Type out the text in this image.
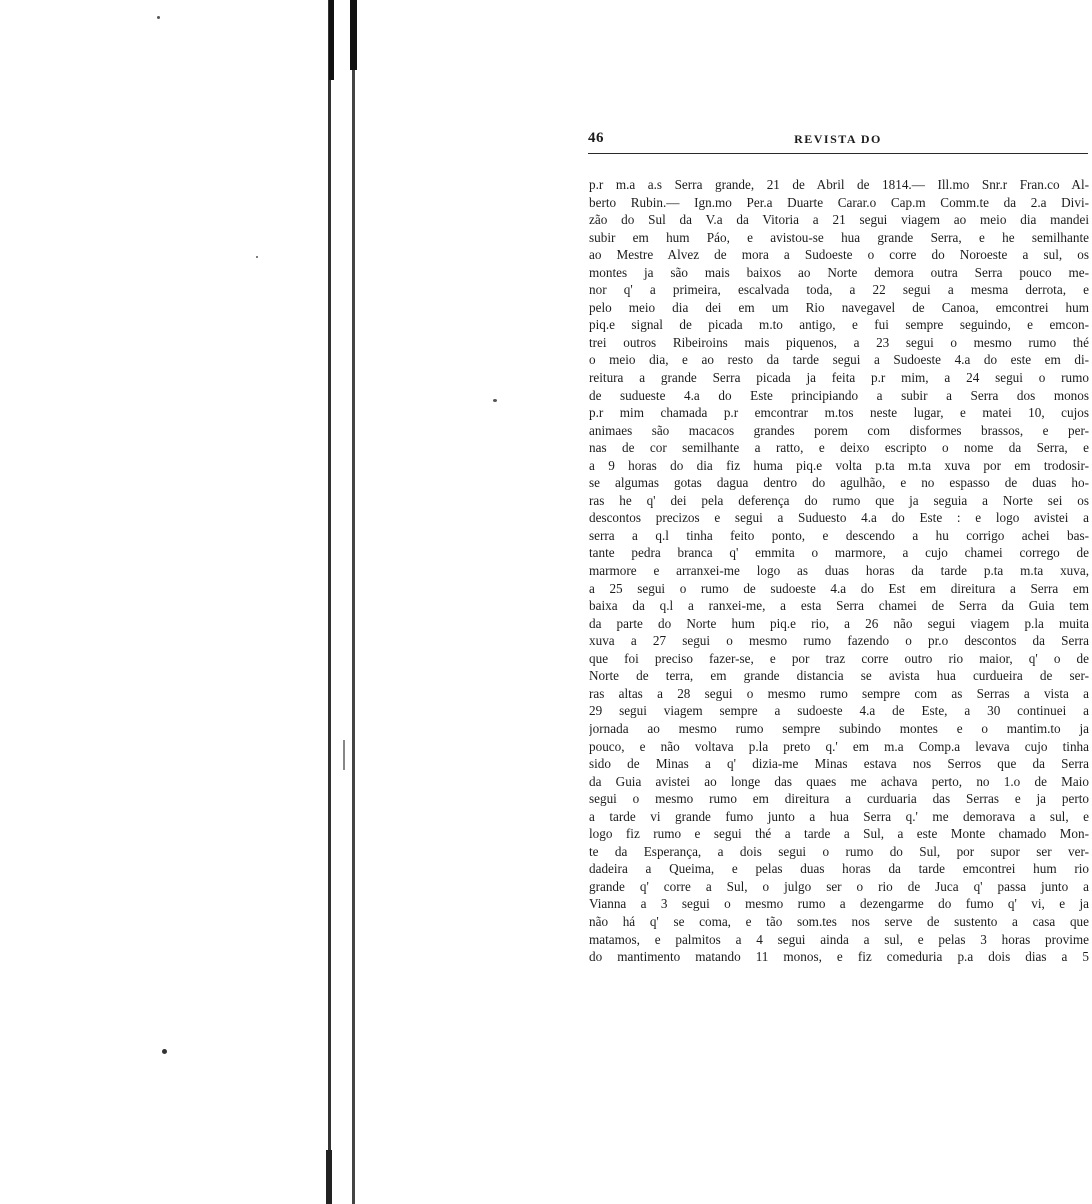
46	REVISTA DO
p.r m.a a.s Serra grande, 21 de Abril de 1814.— Ill.mo Snr.r Fran.co Al-
berto Rubin.— Ign.mo Per.a Duarte Carar.o Cap.m Comm.te da 2.a Divi-
zão do Sul da V.a da Vitoria a 21 segui viagem ao meio dia mandei
subir em hum Páo, e avistou-se hua grande Serra, e he semilhante
ao Mestre Alvez de mora a Sudoeste o corre do Noroeste a sul, os
montes ja são mais baixos ao Norte demora outra Serra pouco me-
nor q' a primeira, escalvada toda, a 22 segui a mesma derrota, e
pelo meio dia dei em um Rio navegavel de Canoa, emcontrei hum
piq.e signal de picada m.to antigo, e fui sempre seguindo, e emcon-
trei outros Ribeiroins mais piquenos, a 23 segui o mesmo rumo thé
o meio dia, e ao resto da tarde segui a Sudoeste 4.a do este em di-
reitura a grande Serra picada ja feita p.r mim, a 24 segui o rumo
de sudueste 4.a do Este principiando a subir a Serra dos monos
p.r mim chamada p.r emcontrar m.tos neste lugar, e matei 10, cujos
animaes são macacos grandes porem com disformes brassos, e per-
nas de cor semilhante a ratto, e deixo escripto o nome da Serra, e
a 9 horas do dia fiz huma piq.e volta p.ta m.ta xuva por em trodosir-
se algumas gotas dagua dentro do agulhão, e no espasso de duas ho-
ras he q' dei pela deferença do rumo que ja seguia a Norte sei os
descontos precizos e segui a Suduesto 4.a do Este : e logo avistei a
serra a q.l tinha feito ponto, e descendo a hu corrigo achei bas-
tante pedra branca q' emmita o marmore, a cujo chamei corrego de
marmore e arranxei-me logo as duas horas da tarde p.ta m.ta xuva,
a 25 segui o rumo de sudoeste 4.a do Est em direitura a Serra em
baixa da q.l a ranxei-me, a esta Serra chamei de Serra da Guia tem
da parte do Norte hum piq.e rio, a 26 não segui viagem p.la muita
xuva a 27 segui o mesmo rumo fazendo o pr.o descontos da Serra
que foi preciso fazer-se, e por traz corre outro rio maior, q' o de
Norte de terra, em grande distancia se avista hua curdueira de ser-
ras altas a 28 segui o mesmo rumo sempre com as Serras a vista a
29 segui viagem sempre a sudoeste 4.a de Este, a 30 continuei a
jornada ao mesmo rumo sempre subindo montes e o mantim.to ja
pouco, e não voltava p.la preto q.' em m.a Comp.a levava cujo tinha
sido de Minas a q' dizia-me Minas estava nos Serros que da Serra
da Guia avistei ao longe das quaes me achava perto, no 1.o de Maio
segui o mesmo rumo em direitura a curduaria das Serras e ja perto
a tarde vi grande fumo junto a hua Serra q.' me demorava a sul, e
logo fiz rumo e segui thé a tarde a Sul, a este Monte chamado Mon-
te da Esperança, a dois segui o rumo do Sul, por supor ser ver-
dadeira a Queima, e pelas duas horas da tarde emcontrei hum rio
grande q' corre a Sul, o julgo ser o rio de Juca q' passa junto a
Vianna a 3 segui o mesmo rumo a dezengarme do fumo q' vi, e ja
não há q' se coma, e tão som.tes nos serve de sustento a casa que
matamos, e palmitos a 4 segui ainda a sul, e pelas 3 horas provime
do mantimento matando 11 monos, e fiz comeduria p.a dois dias a 5
